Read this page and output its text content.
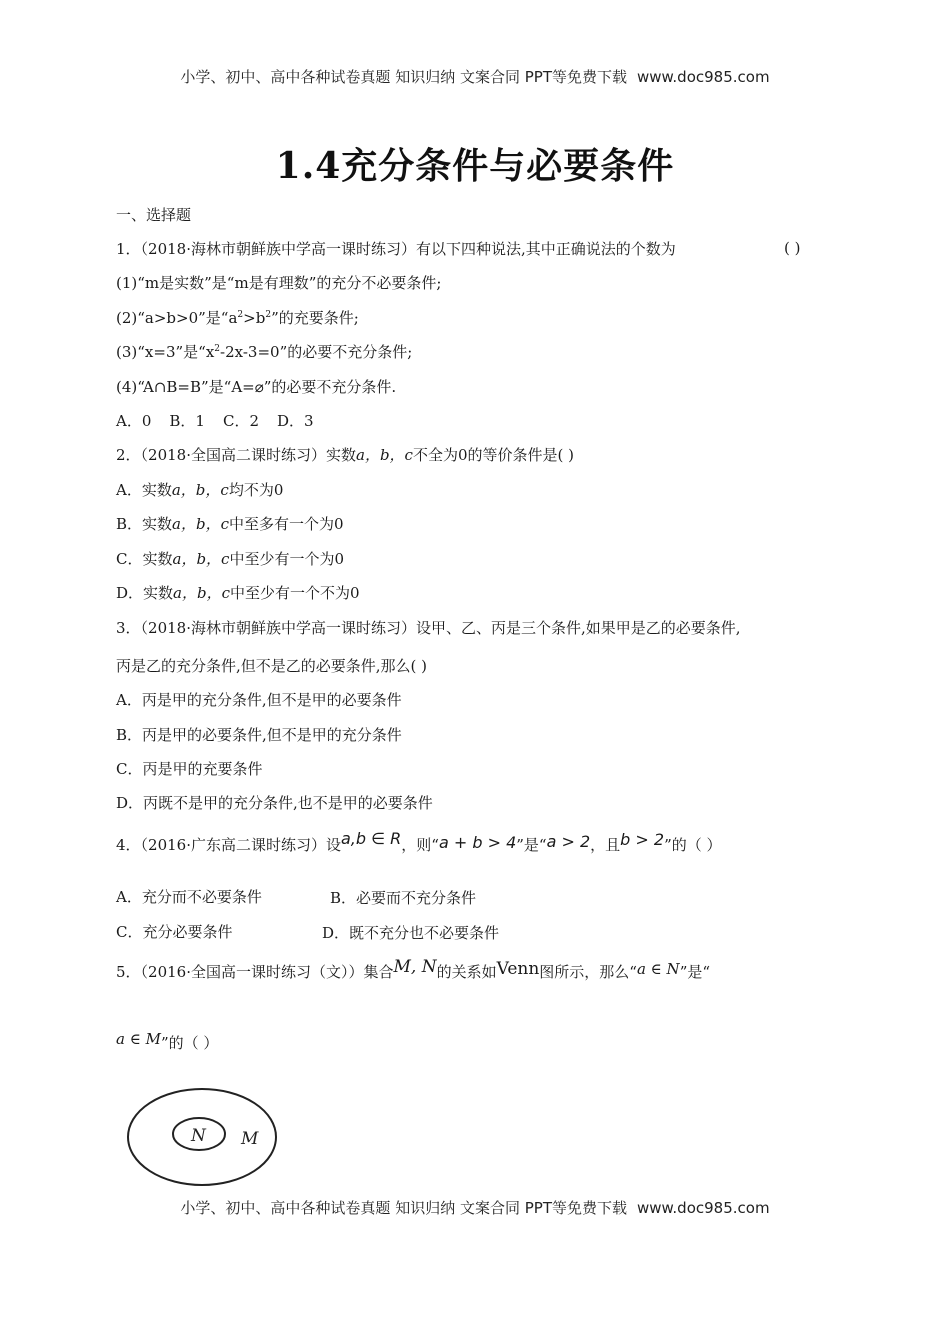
小学、初中、高中各种试卷真题 知识归纳 文案合同 PPT等免费下载 www.doc985.com
1.4充分条件与必要条件
一、选择题
1．（2018·海林市朝鲜族中学高一课时练习）有以下四种说法,其中正确说法的个数为	( )
(1)“m是实数”是“m是有理数”的充分不必要条件;
(2)“a>b>0”是“$a^2>b^2$”的充要条件;
(3)“x=3”是“$x^2-2x-3=0$”的必要不充分条件;
(4)“A∩B=B”是“A=⌀”的必要不充分条件.
A．0 B．1 C．2 D．3
2．（2018·全国高二课时练习）实数a，b，c不全为0的等价条件是( )
A．实数a，b，c均不为0
B．实数a，b，c中至多有一个为0
C．实数a，b，c中至少有一个为0
D．实数a，b，c中至少有一个不为0
3．（2018·海林市朝鲜族中学高一课时练习）设甲、乙、丙是三个条件,如果甲是乙的必要条件,
丙是乙的充分条件,但不是乙的必要条件,那么( )
A．丙是甲的充分条件,但不是甲的必要条件
B．丙是甲的必要条件,但不是甲的充分条件
C．丙是甲的充要条件
D．丙既不是甲的充分条件,也不是甲的必要条件
4．（2016·广东高二课时练习）设a,b ∈ R，则“a + b > 4”是“a > 2，且b > 2”的（ ）
A．充分而不必要条件	B．必要而不充分条件
C．充分必要条件	D．既不充分也不必要条件
5．（2016·全国高一课时练习（文））集合M, N的关系如Venn图所示，那么“a ∈ N”是“
a ∈ M”的（ ）
N M
小学、初中、高中各种试卷真题 知识归纳 文案合同 PPT等免费下载 www.doc985.com
